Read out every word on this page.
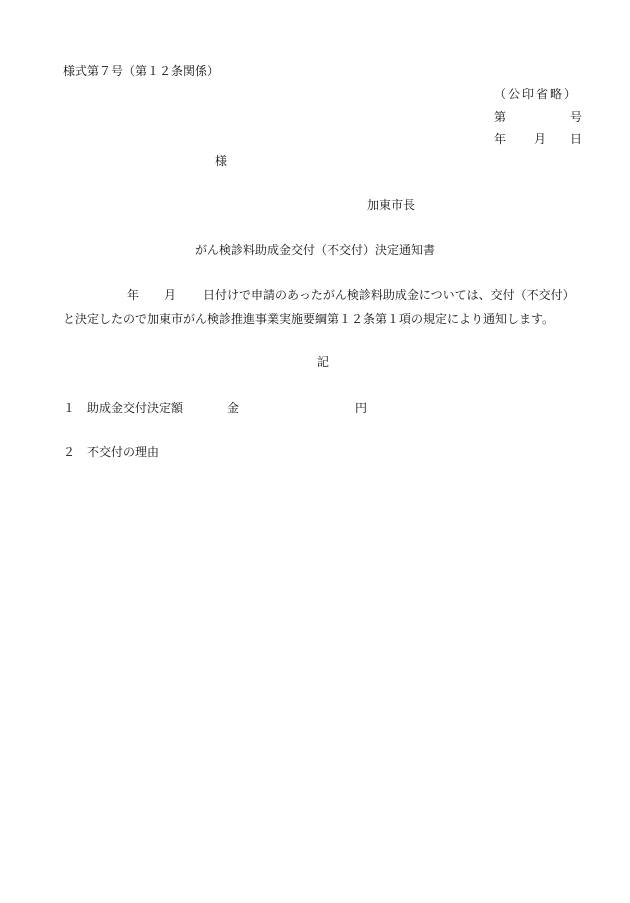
様式第７号（第１２条関係）
（公印省略）
第	号
年 月 日
様
加東市長
がん検診料助成金交付（不交付）決定通知書
年 月 日付けで申請のあったがん検診料助成金については、交付（不交付）
と決定したので加東市がん検診推進事業実施要綱第１２条第１項の規定により通知します。
記
１ 助成金交付決定額	金	円
２ 不交付の理由
